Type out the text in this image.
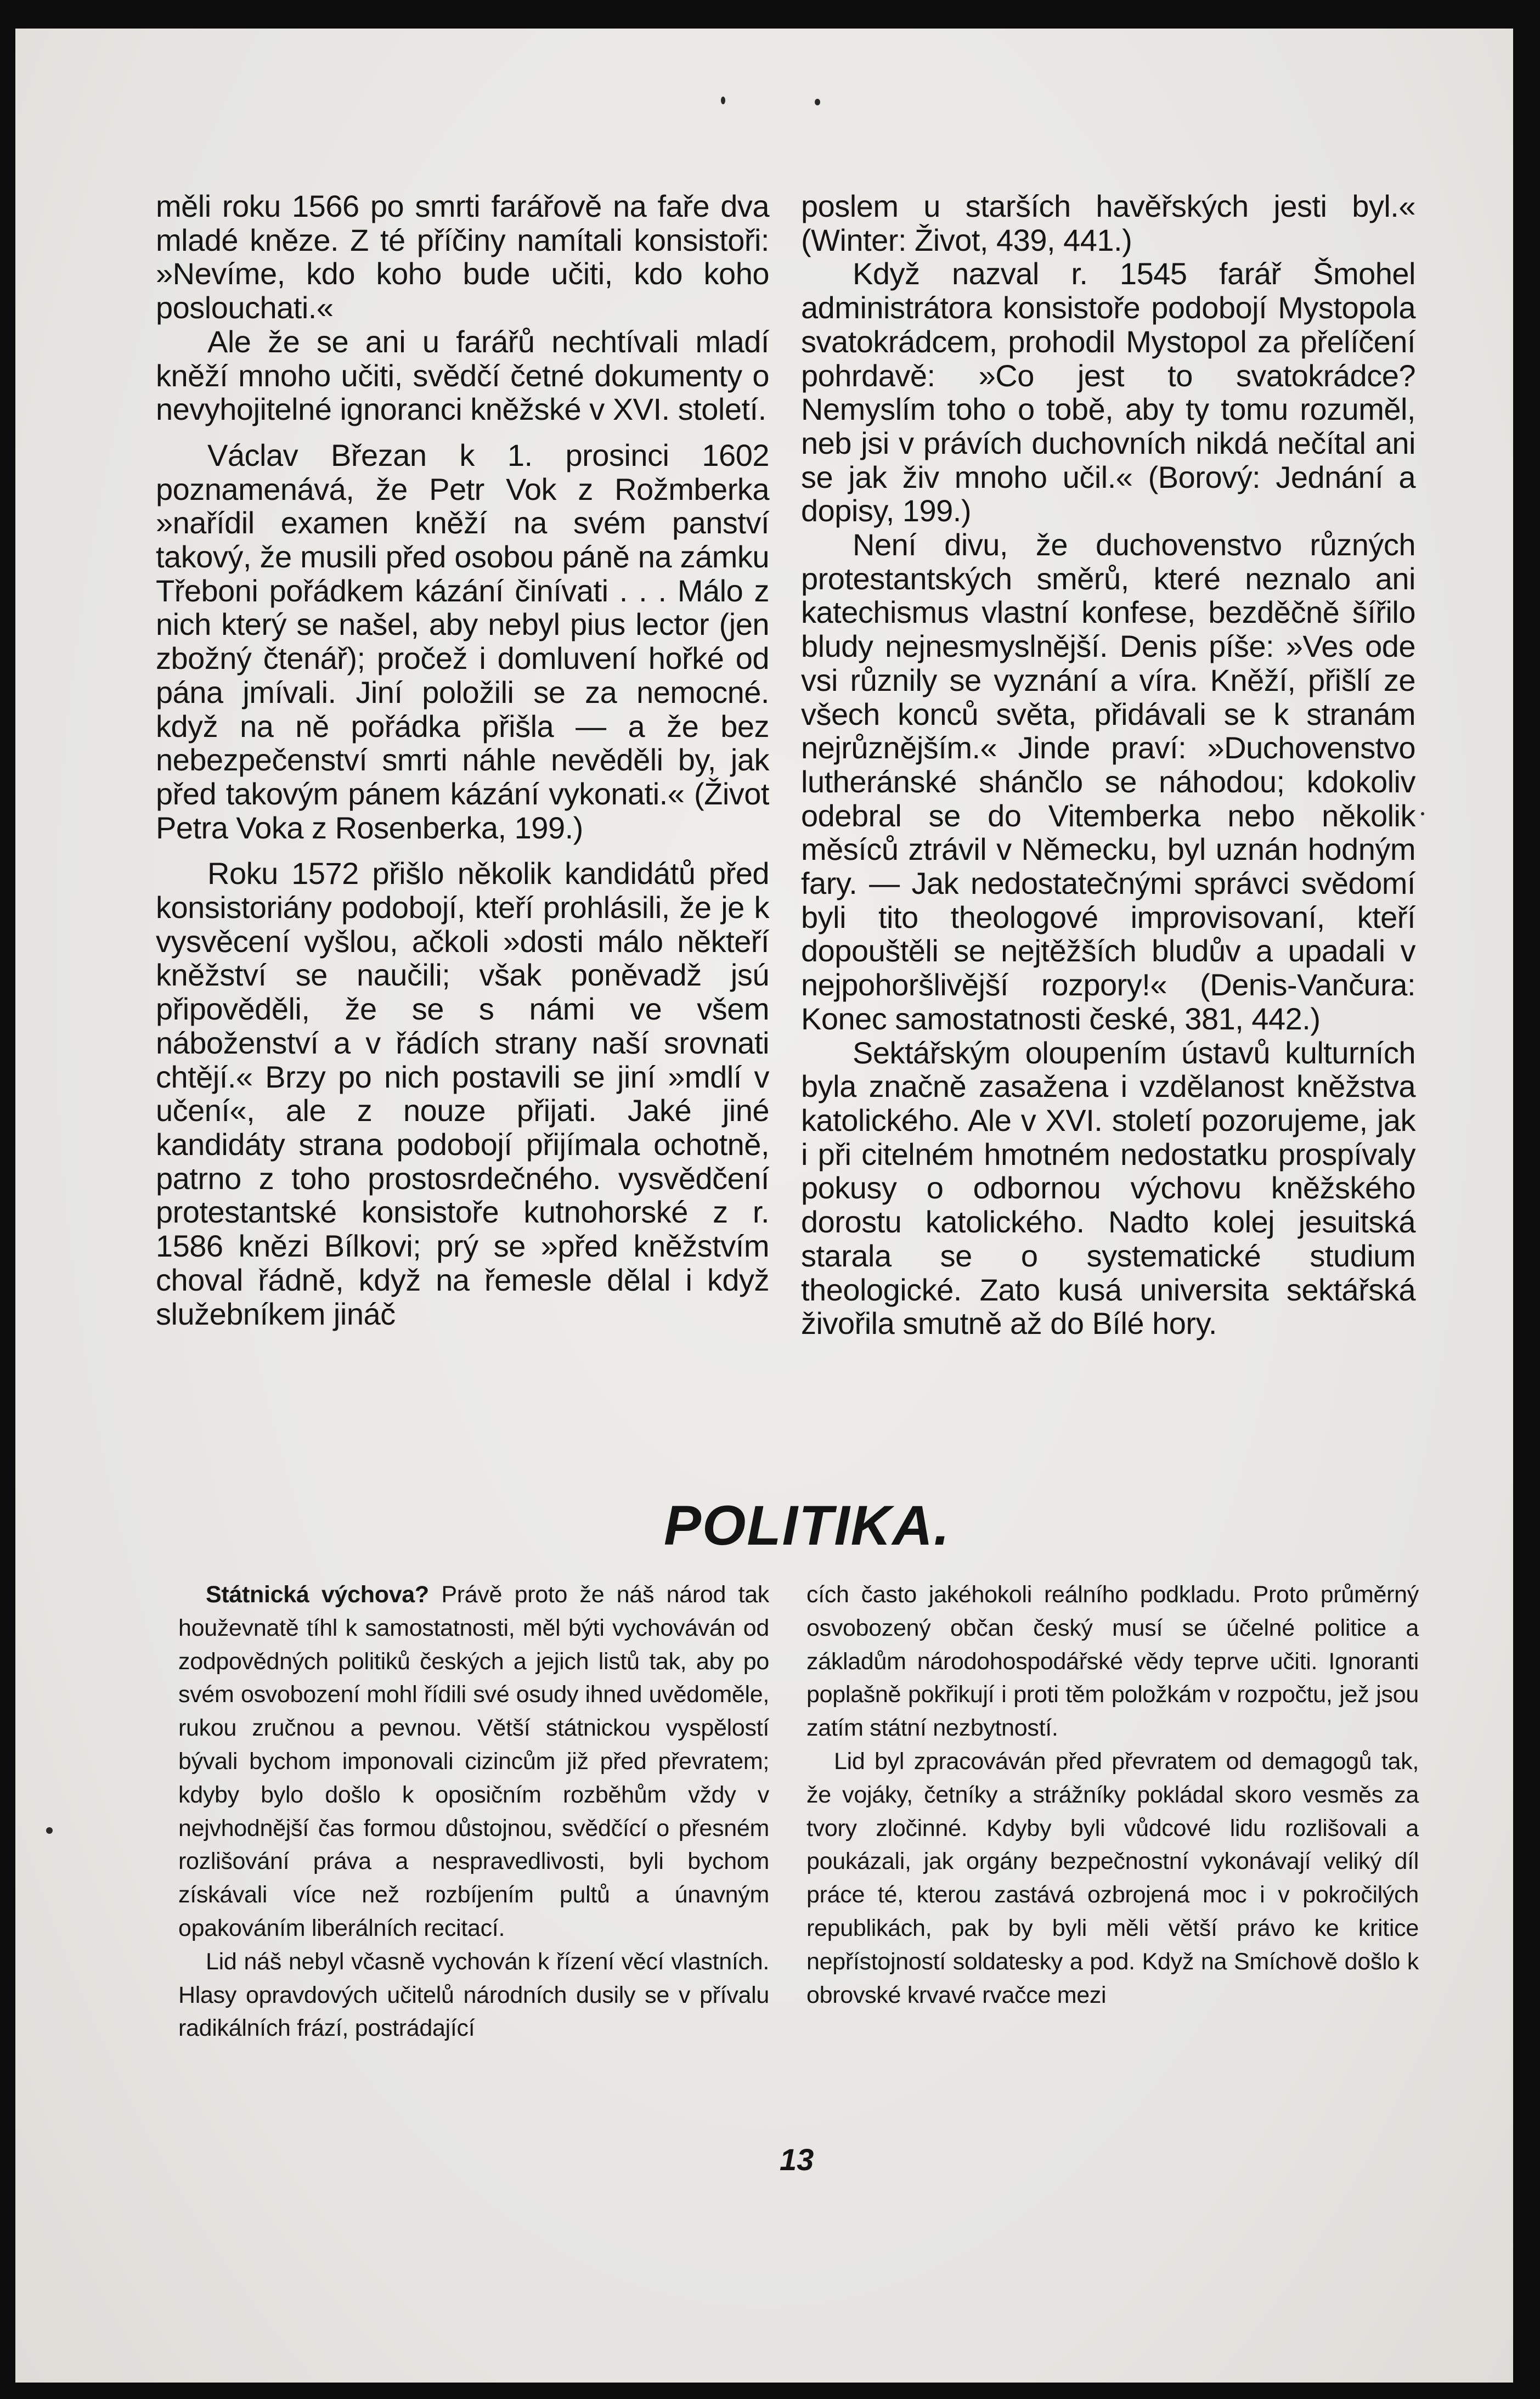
měli roku 1566 po smrti farářově na faře dva mladé kněze. Z té příčiny namítali konsistoři: »Nevíme, kdo koho bude učiti, kdo koho poslouchati.«

Ale že se ani u farářů nechtívali mladí kněží mnoho učiti, svědčí četné dokumenty o nevyhojitelné ignoranci kněžské v XVI. století.

Václav Březan k 1. prosinci 1602 poznamenává, že Petr Vok z Rožmberka »nařídil examen kněží na svém panství takový, že musili před osobou páně na zámku Třeboni pořádkem kázání činívati . . . Málo z nich který se našel, aby nebyl pius lector (jen zbožný čtenář); pročež i domluvení hořké od pána jmívali. Jiní položili se za nemocné. když na ně pořádka přišla — a že bez nebezpečenství smrti náhle nevěděli by, jak před takovým pánem kázání vykonati.« (Život Petra Voka z Rosenberka, 199.)

Roku 1572 přišlo několik kandidátů před konsistoriány podobojí, kteří prohlásili, že je k vysvěcení vyšlou, ačkoli »dosti málo někteří kněžství se naučili; však poněvadž jsú připověděli, že se s námi ve všem náboženství a v řádích strany naší srovnati chtějí.« Brzy po nich postavili se jiní »mdlí v učení«, ale z nouze přijati. Jaké jiné kandidáty strana podobojí přijímala ochotně, patrno z toho prostosrdečného. vysvědčení protestantské konsistoře kutnohorské z r. 1586 knězi Bílkovi; prý se »před kněžstvím choval řádně, když na řemesle dělal i když služebníkem jináč

poslem u starších havěřských jesti byl.« (Winter: Život, 439, 441.)

Když nazval r. 1545 farář Šmohel administrátora konsistoře podobojí Mystopola svatokrádcem, prohodil Mystopol za přelíčení pohrdavě: »Co jest to svatokrádce? Nemyslím toho o tobě, aby ty tomu rozuměl, neb jsi v právích duchovních nikdá nečítal ani se jak živ mnoho učil.« (Borový: Jednání a dopisy, 199.)

Není divu, že duchovenstvo různých protestantských směrů, které neznalo ani katechismus vlastní konfese, bezděčně šířilo bludy nejnesmyslnější. Denis píše: »Ves ode vsi různily se vyznání a víra. Kněží, přišlí ze všech konců světa, přidávali se k stranám nejrůznějším.« Jinde praví: »Duchovenstvo lutheránské shánčlo se náhodou; kdokoliv odebral se do Vitemberka nebo několik měsíců ztrávil v Německu, byl uznán hodným fary. — Jak nedostatečnými správci svědomí byli tito theologové improvisovaní, kteří dopouštěli se nejtěžších bludův a upadali v nejpohoršlivější rozpory!« (Denis-Vančura: Konec samostatnosti české, 381, 442.)

Sektářským oloupením ústavů kulturních byla značně zasažena i vzdělanost kněžstva katolického. Ale v XVI. století pozorujeme, jak i při citelném hmotném nedostatku prospívaly pokusy o odbornou výchovu kněžského dorostu katolického. Nadto kolej jesuitská starala se o systematické studium theologické. Zato kusá universita sektářská živořila smutně až do Bílé hory.

POLITIKA.

Státnická výchova? Právě proto že náš národ tak houževnatě tíhl k samostatnosti, měl býti vychováván od zodpovědných politiků českých a jejich listů tak, aby po svém osvobození mohl řídili své osudy ihned uvědoměle, rukou zručnou a pevnou. Větší státnickou vyspělostí bývali bychom imponovali cizincům již před převratem; kdyby bylo došlo k oposičním rozběhům vždy v nejvhodnější čas formou důstojnou, svědčící o přesném rozlišování práva a nespravedlivosti, byli bychom získávali více než rozbíjením pultů a únavným opakováním liberálních recitací.

Lid náš nebyl včasně vychován k řízení věcí vlastních. Hlasy opravdových učitelů národních dusily se v přívalu radikálních frází, postrádající

cích často jakéhokoli reálního podkladu. Proto průměrný osvobozený občan český musí se účelné politice a základům národohospodářské vědy teprve učiti. Ignoranti poplašně pokřikují i proti těm položkám v rozpočtu, jež jsou zatím státní nezbytností.

Lid byl zpracováván před převratem od demagogů tak, že vojáky, četníky a strážníky pokládal skoro vesměs za tvory zločinné. Kdyby byli vůdcové lidu rozlišovali a poukázali, jak orgány bezpečnostní vykonávají veliký díl práce té, kterou zastává ozbrojená moc i v pokročilých republikách, pak by byli měli větší právo ke kritice nepřístojností soldatesky a pod. Když na Smíchově došlo k obrovské krvavé rvačce mezi

13
